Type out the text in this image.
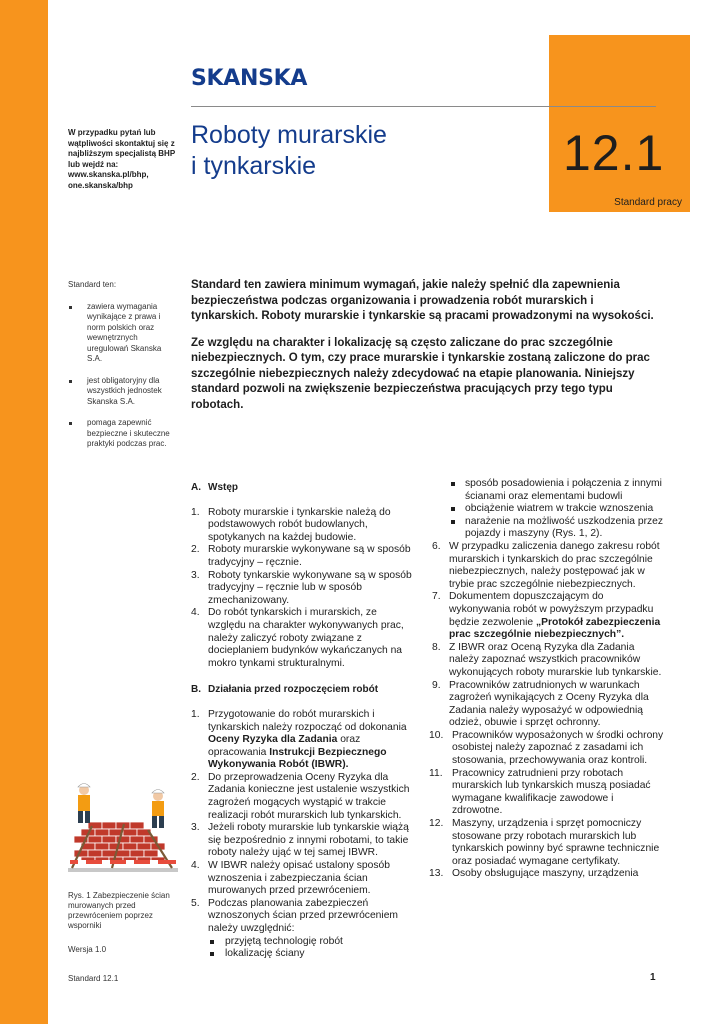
12.1
Standard pracy
SKANSKA
W przypadku pytań lub wątpliwości skontaktuj się z najbliższym specjalistą BHP lub wejdź na: www.skanska.pl/bhp, one.skanska/bhp
Roboty murarskie
i tynkarskie
Standard ten:
zawiera wymagania wynikające z prawa i norm polskich oraz wewnętrznych uregulowań Skanska S.A.
jest obligatoryjny dla wszystkich jednostek Skanska S.A.
pomaga zapewnić bezpieczne i skuteczne praktyki podczas prac.

Standard ten zawiera minimum wymagań, jakie należy spełnić dla zapewnienia bezpieczeństwa podczas organizowania i prowadzenia robót murarskich i tynkarskich. Roboty murarskie i tynkarskie są pracami prowadzonymi na wysokości.

Ze względu na charakter i lokalizację są często zaliczane do prac szczególnie niebezpiecznych. O tym, czy prace murarskie i tynkarskie zostaną zaliczone do prac szczególnie niebezpiecznych należy zdecydować na etapie planowania. Niniejszy standard pozwoli na zwiększenie bezpieczeństwa pracujących przy tego typu robotach.

A. Wstęp
1. Roboty murarskie i tynkarskie należą do podstawowych robót budowlanych, spotykanych na każdej budowie.
2. Roboty murarskie wykonywane są w sposób tradycyjny – ręcznie.
3. Roboty tynkarskie wykonywane są w sposób tradycyjny – ręcznie lub w sposób zmechanizowany.
4. Do robót tynkarskich i murarskich, ze względu na charakter wykonywanych prac, należy zaliczyć roboty związane z docieplaniem budynków wykańczanych na mokro tynkami strukturalnymi.
B. Działania przed rozpoczęciem robót
1. Przygotowanie do robót murarskich i tynkarskich należy rozpocząć od dokonania Oceny Ryzyka dla Zadania oraz opracowania Instrukcji Bezpiecznego Wykonywania Robót (IBWR).
2. Do przeprowadzenia Oceny Ryzyka dla Zadania konieczne jest ustalenie wszystkich zagrożeń mogących wystąpić w trakcie realizacji robót murarskich lub tynkarskich.
3. Jeżeli roboty murarskie lub tynkarskie wiążą się bezpośrednio z innymi robotami, to takie roboty należy ująć w tej samej IBWR.
4. W IBWR należy opisać ustalony sposób wznoszenia i zabezpieczania ścian murowanych przed przewróceniem.
5. Podczas planowania zabezpieczeń wznoszonych ścian przed przewróceniem należy uwzględnić:
przyjętą technologię robót
lokalizację ściany
sposób posadowienia i połączenia z innymi ścianami oraz elementami budowli
obciążenie wiatrem w trakcie wznoszenia
narażenie na możliwość uszkodzenia przez pojazdy i maszyny (Rys. 1, 2).
6. W przypadku zaliczenia danego zakresu robót murarskich i tynkarskich do prac szczególnie niebezpiecznych, należy postępować jak w trybie prac szczególnie niebezpiecznych.
7. Dokumentem dopuszczającym do wykonywania robót w powyższym przypadku będzie zezwolenie „Protokół zabezpieczenia prac szczególnie niebezpiecznych”.
8. Z IBWR oraz Oceną Ryzyka dla Zadania należy zapoznać wszystkich pracowników wykonujących roboty murarskie lub tynkarskie.
9. Pracowników zatrudnionych w warunkach zagrożeń wynikających z Oceny Ryzyka dla Zadania należy wyposażyć w odpowiednią odzież, obuwie i sprzęt ochronny.
10. Pracowników wyposażonych w środki ochrony osobistej należy zapoznać z zasadami ich stosowania, przechowywania oraz kontroli.
11. Pracownicy zatrudnieni przy robotach murarskich lub tynkarskich muszą posiadać wymagane kwalifikacje zawodowe i zdrowotne.
12. Maszyny, urządzenia i sprzęt pomocniczy stosowane przy robotach murarskich lub tynkarskich powinny być sprawne technicznie oraz posiadać wymagane certyfikaty.
13. Osoby obsługujące maszyny, urządzenia
Rys. 1 Zabezpieczenie ścian murowanych przed przewróceniem poprzez wsporniki
Wersja 1.0
Standard 12.1	1
